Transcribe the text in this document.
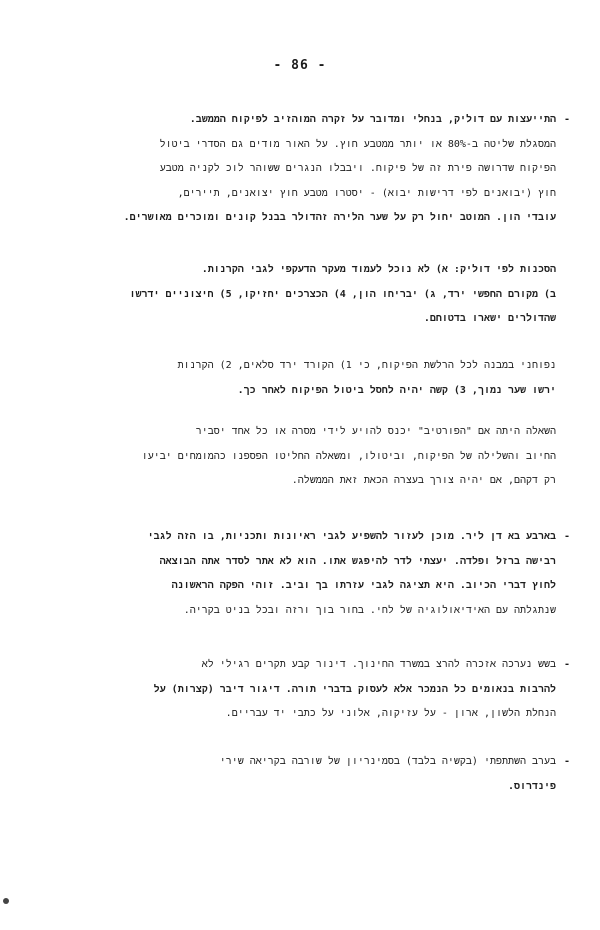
- 86 -
-
התייעצות עם דוליק, בנחלי ומדובר על זקרה המוהזיב לפיקוח הממשב.
המסגלת שליטה ב-80% או יותר ממטבע חוץ. על האור מודים גם הסדרי ביטול
הפיקוח שדרושה פירת זה של פיקוח. ויבבלו הנגרים ששוהר לוכ לקניה מטבע
חוץ (יבואנים לפי דרישות יבוא) - יסטרו מטבע חוץ יצואנים, תיירים,
עובדי הון. המוטב יחול רק על שער הלירה זהדולר בבנל קונים ומוכרים מאושרים.
הסכנות לפי דוליק: א) לא נוכל לעמוד מעקר הדעקפי לגבי הקרנות.
ב) מקורם החפשי ירד, ג) יבריחו הון, 4) הכצרכים יחזיקו, 5) חיצוניים ידרשו
שהדולרים ישארו בדטוחם.
נפוחני במבנה לכל הרלשת הפיקוח, כי 1) הקורד ירד סלאים, 2) הקרנות
ירשו שער נמוך, 3) קשה יהיה לחסל ביטול הפיקוח לאחר כך.
השאלה היתה אם "הפורטיב" יכנס להויע לידי מסרה או כל אחד יסביר
החיוב והשלילה של הפיקוח, וביטולו, ומשאלה החליטו הפספנו כהמומחים יביעו
רק דקהם, אם יהיה צורך בעצרה הכאת זאת הממשלה.
-
בארבע בא דן ליר. מוכן לעזור להשפיע לגבי ראיונות ותכניות, בו הזה לגבי
רבישה ברזל ופלדה. יעצתי לדר להיפגש אתו. הוא לא אתר לסדר אתה הבוצאה
לחוץ דברי הכיוב. היא תציגה לגבי עזרתו בך וביב. זוהי הפקה הראשונה
שנתגלתה עם האידיאולוגיה של לחי. בחור בוך ורזה ובכל בניט בקריה.
-
בשש נערכה אזכרה להרצ במשרד החינוך. דינור קבע תקרים רגילי לא
להרבות בנאומים כל הנמכר אלא לעסוק בדברי תורה. דיגור דיבר (קצרות) על
הנחלת הלשון, ארון - על עזיקוה, אלוני על כתבי יד עבריים.
-
בערב השתתפתי (בקשיה בלבד) בסמינריון של שורבה בקריאה שירי
פינדרוס.
